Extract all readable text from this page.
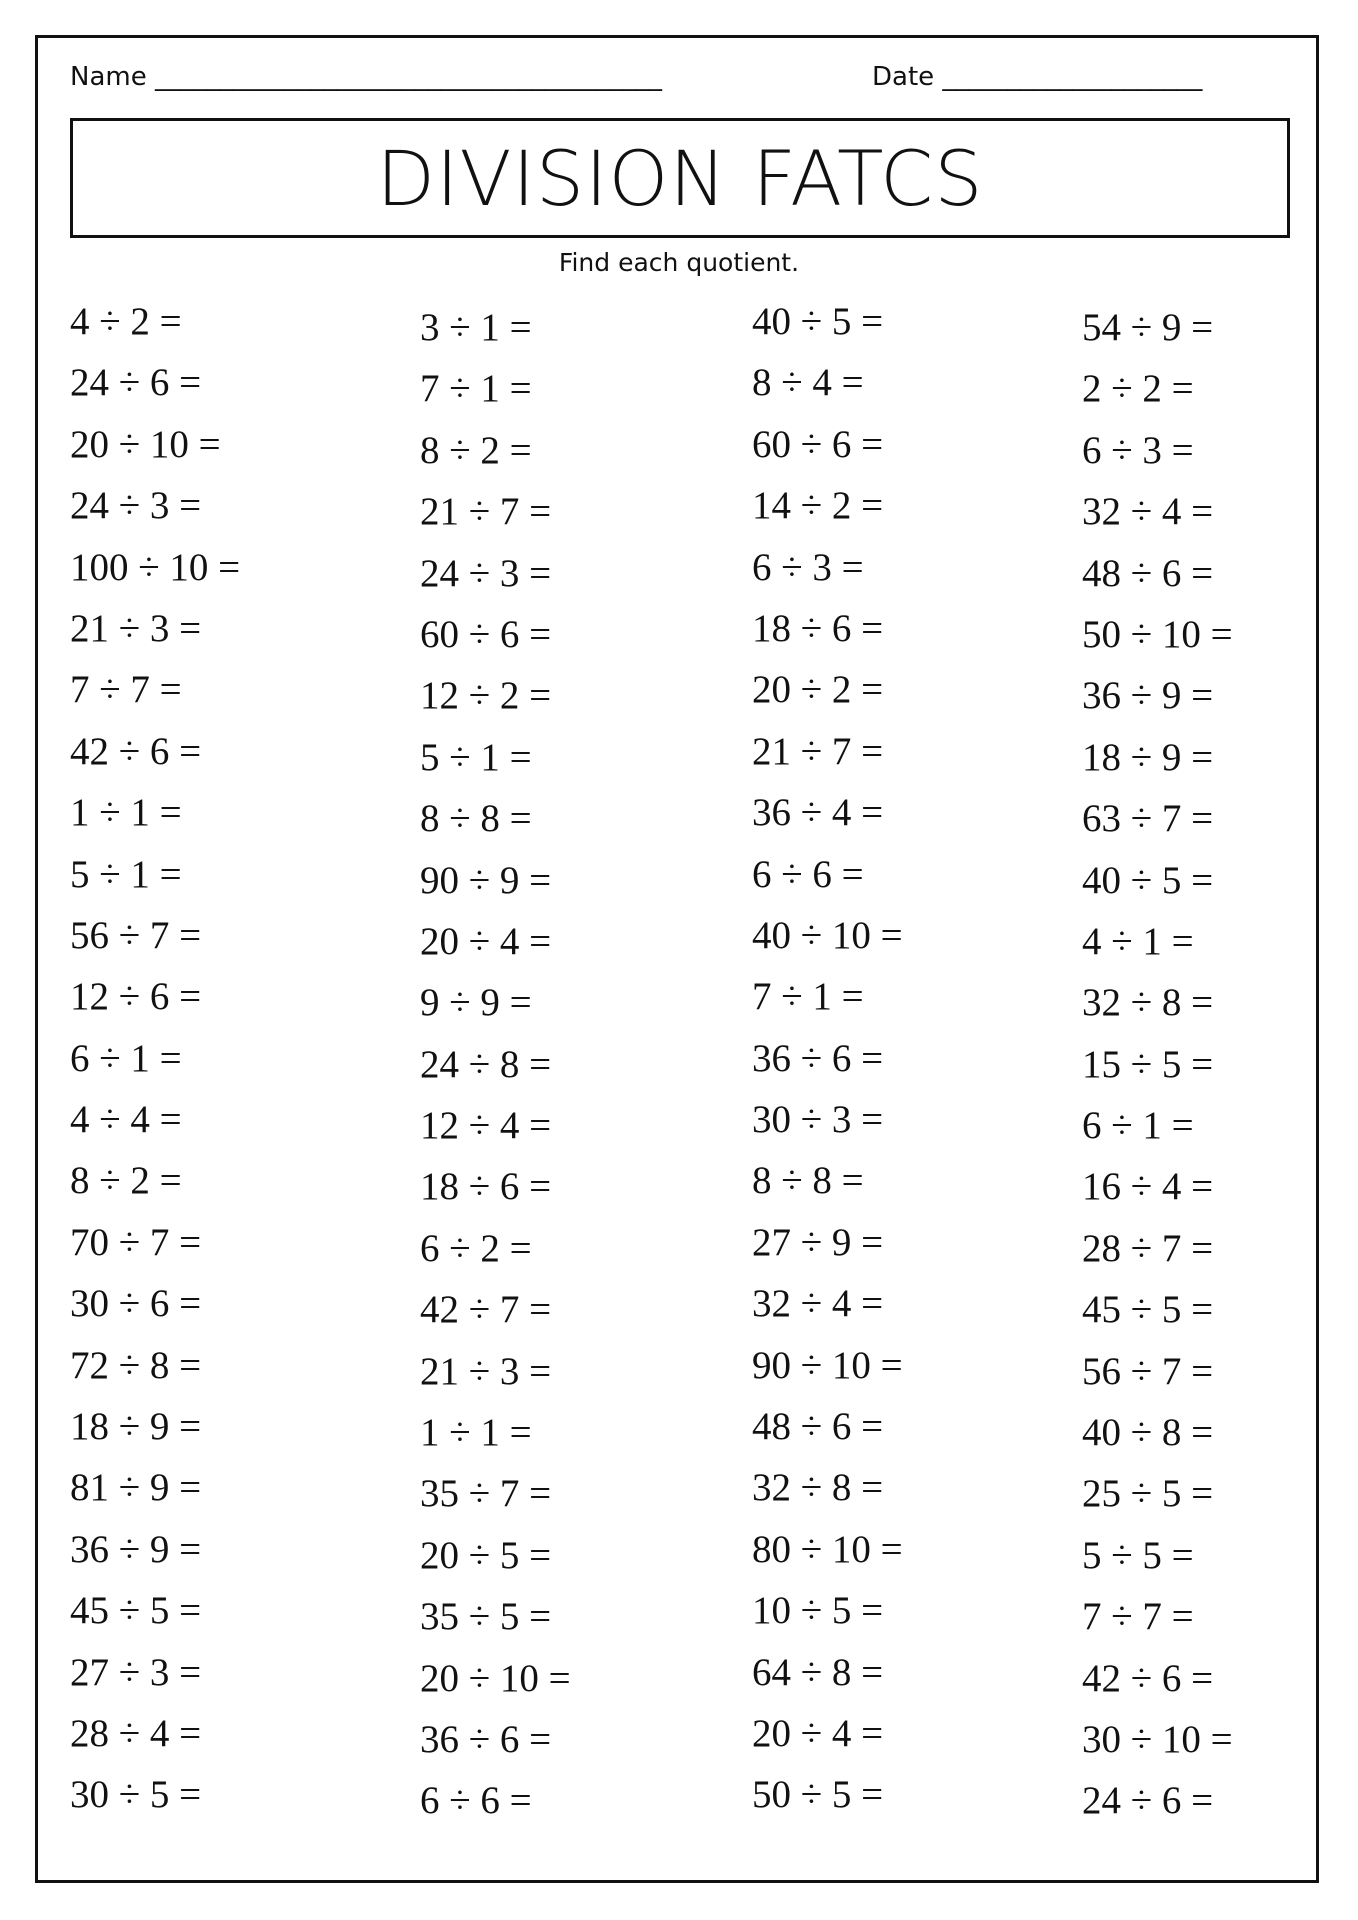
Name _______________________________________	Date ____________________
DIVISION FATCS
Find each quotient.
4 ÷ 2 =
24 ÷ 6 =
20 ÷ 10 =
24 ÷ 3 =
100 ÷ 10 =
21 ÷ 3 =
7 ÷ 7 =
42 ÷ 6 =
1 ÷ 1 =
5 ÷ 1 =
56 ÷ 7 =
12 ÷ 6 =
6 ÷ 1 =
4 ÷ 4 =
8 ÷ 2 =
70 ÷ 7 =
30 ÷ 6 =
72 ÷ 8 =
18 ÷ 9 =
81 ÷ 9 =
36 ÷ 9 =
45 ÷ 5 =
27 ÷ 3 =
28 ÷ 4 =
30 ÷ 5 =
3 ÷ 1 =
7 ÷ 1 =
8 ÷ 2 =
21 ÷ 7 =
24 ÷ 3 =
60 ÷ 6 =
12 ÷ 2 =
5 ÷ 1 =
8 ÷ 8 =
90 ÷ 9 =
20 ÷ 4 =
9 ÷ 9 =
24 ÷ 8 =
12 ÷ 4 =
18 ÷ 6 =
6 ÷ 2 =
42 ÷ 7 =
21 ÷ 3 =
1 ÷ 1 =
35 ÷ 7 =
20 ÷ 5 =
35 ÷ 5 =
20 ÷ 10 =
36 ÷ 6 =
6 ÷ 6 =
40 ÷ 5 =
8 ÷ 4 =
60 ÷ 6 =
14 ÷ 2 =
6 ÷ 3 =
18 ÷ 6 =
20 ÷ 2 =
21 ÷ 7 =
36 ÷ 4 =
6 ÷ 6 =
40 ÷ 10 =
7 ÷ 1 =
36 ÷ 6 =
30 ÷ 3 =
8 ÷ 8 =
27 ÷ 9 =
32 ÷ 4 =
90 ÷ 10 =
48 ÷ 6 =
32 ÷ 8 =
80 ÷ 10 =
10 ÷ 5 =
64 ÷ 8 =
20 ÷ 4 =
50 ÷ 5 =
54 ÷ 9 =
2 ÷ 2 =
6 ÷ 3 =
32 ÷ 4 =
48 ÷ 6 =
50 ÷ 10 =
36 ÷ 9 =
18 ÷ 9 =
63 ÷ 7 =
40 ÷ 5 =
4 ÷ 1 =
32 ÷ 8 =
15 ÷ 5 =
6 ÷ 1 =
16 ÷ 4 =
28 ÷ 7 =
45 ÷ 5 =
56 ÷ 7 =
40 ÷ 8 =
25 ÷ 5 =
5 ÷ 5 =
7 ÷ 7 =
42 ÷ 6 =
30 ÷ 10 =
24 ÷ 6 =
